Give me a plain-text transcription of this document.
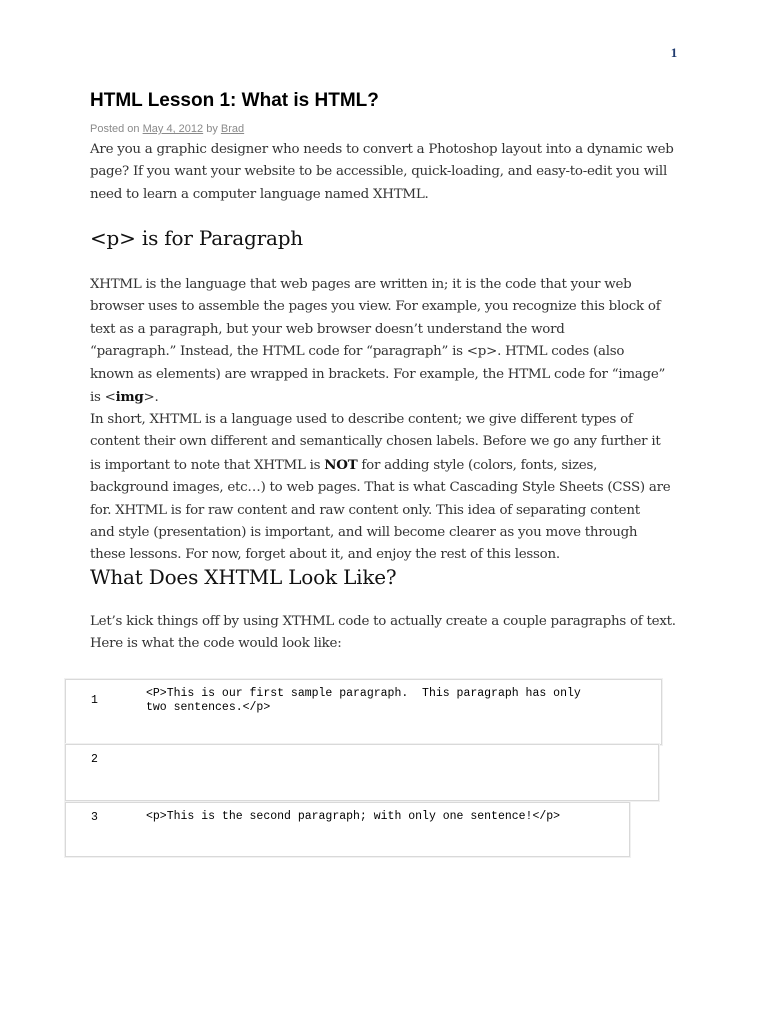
1
HTML Lesson 1: What is HTML?
Posted on May 4, 2012 by Brad

Are you a graphic designer who needs to convert a Photoshop layout into a dynamic web
page? If you want your website to be accessible, quick-loading, and easy-to-edit you will
need to learn a computer language named XHTML.

<p> is for Paragraph

XHTML is the language that web pages are written in; it is the code that your web
browser uses to assemble the pages you view. For example, you recognize this block of
text as a paragraph, but your web browser doesn’t understand the word
“paragraph.” Instead, the HTML code for “paragraph” is <p>. HTML codes (also
known as elements) are wrapped in brackets. For example, the HTML code for “image”
is <img>.

In short, XHTML is a language used to describe content; we give different types of
content their own different and semantically chosen labels. Before we go any further it
is important to note that XHTML is NOT for adding style (colors, fonts, sizes,
background images, etc…) to web pages. That is what Cascading Style Sheets (CSS) are
for. XHTML is for raw content and raw content only. This idea of separating content
and style (presentation) is important, and will become clearer as you move through
these lessons. For now, forget about it, and enjoy the rest of this lesson.

What Does XHTML Look Like?

Let’s kick things off by using XTHML code to actually create a couple paragraphs of text.
Here is what the code would look like:

1
<P>This is our first sample paragraph.  This paragraph has only
two sentences.</p>
2
3	<p>This is the second paragraph; with only one sentence!</p>
